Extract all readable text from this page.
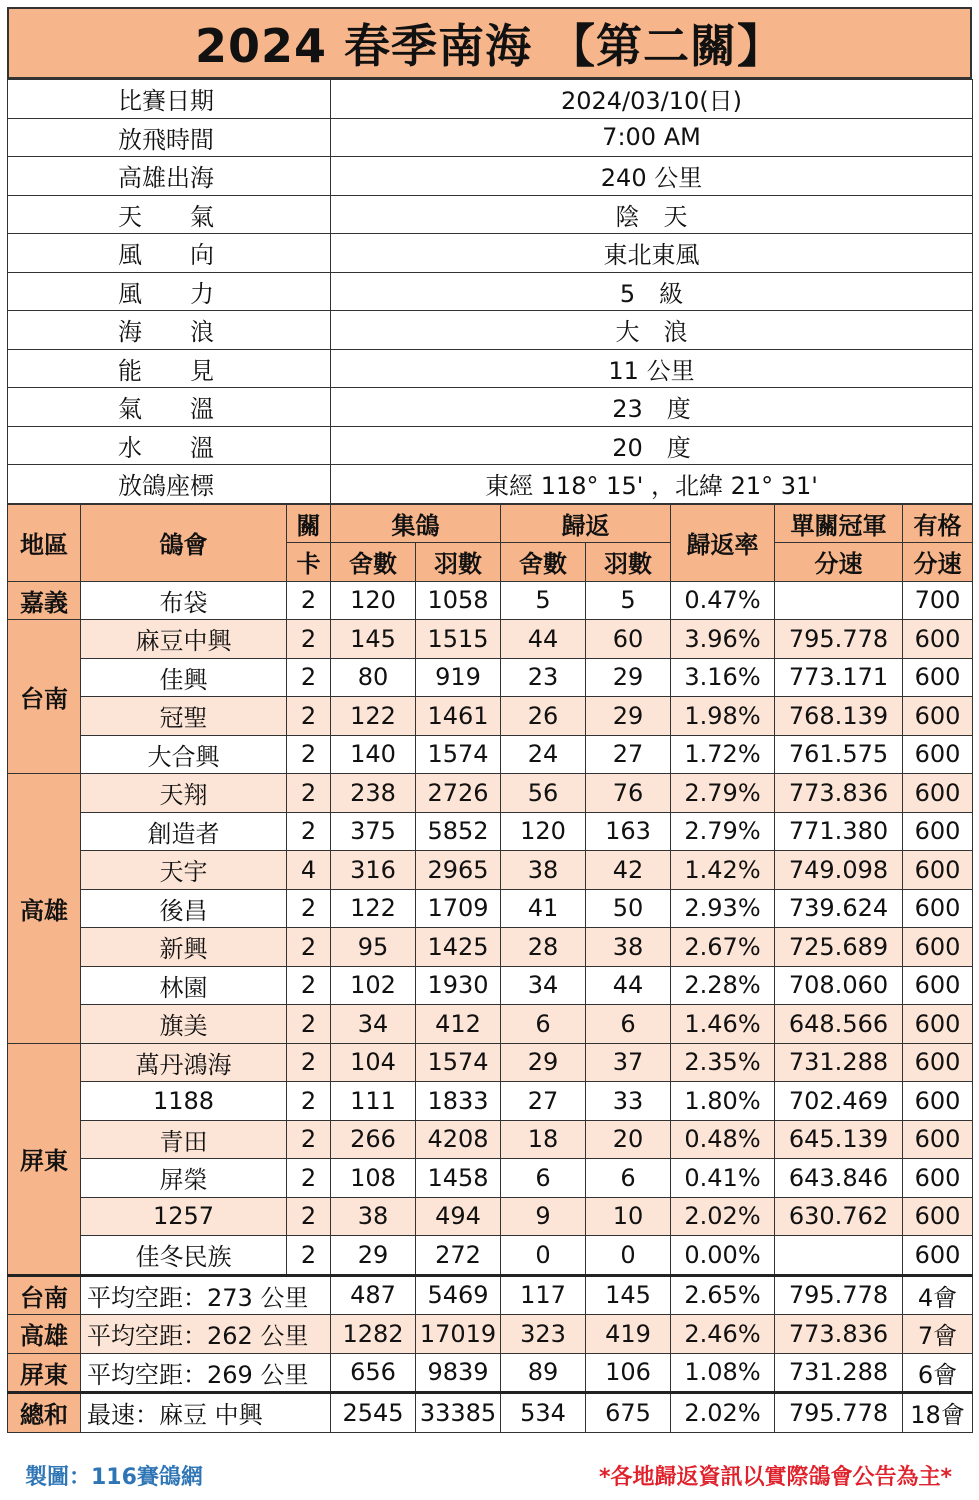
2024 春季南海 【第二關】
比賽日期	2024/03/10(日)
放飛時間	7:00 AM
高雄出海	240 公里
天　　氣	陰　天
風　　向	東北東風
風　　力	5　級
海　　浪	大　浪
能　　見	11 公里
氣　　溫	23　度
水　　溫	20　度
放鴿座標	東經 118° 15' ，北緯 21° 31'
地區	鴿會	關	集鴿		歸返		歸返率	單關冠軍	有格
		卡	舍數	羽數	舍數	羽數		分速	分速
嘉義	布袋	2	120	1058	5	5	0.47%		700
台南	麻豆中興	2	145	1515	44	60	3.96%	795.778	600
	佳興	2	80	919	23	29	3.16%	773.171	600
	冠聖	2	122	1461	26	29	1.98%	768.139	600
	大合興	2	140	1574	24	27	1.72%	761.575	600
高雄	天翔	2	238	2726	56	76	2.79%	773.836	600
	創造者	2	375	5852	120	163	2.79%	771.380	600
	天宇	4	316	2965	38	42	1.42%	749.098	600
	後昌	2	122	1709	41	50	2.93%	739.624	600
	新興	2	95	1425	28	38	2.67%	725.689	600
	林園	2	102	1930	34	44	2.28%	708.060	600
	旗美	2	34	412	6	6	1.46%	648.566	600
屏東	萬丹鴻海	2	104	1574	29	37	2.35%	731.288	600
	1188	2	111	1833	27	33	1.80%	702.469	600
	青田	2	266	4208	18	20	0.48%	645.139	600
	屏榮	2	108	1458	6	6	0.41%	643.846	600
	1257	2	38	494	9	10	2.02%	630.762	600
	佳冬民族	2	29	272	0	0	0.00%		600
台南	平均空距：273 公里		487	5469	117	145	2.65%	795.778	4會
高雄	平均空距：262 公里		1282	17019	323	419	2.46%	773.836	7會
屏東	平均空距：269 公里		656	9839	89	106	1.08%	731.288	6會
總和	最速：麻豆 中興		2545	33385	534	675	2.02%	795.778	18會
製圖：116賽鴿網	*各地歸返資訊以實際鴿會公告為主*
